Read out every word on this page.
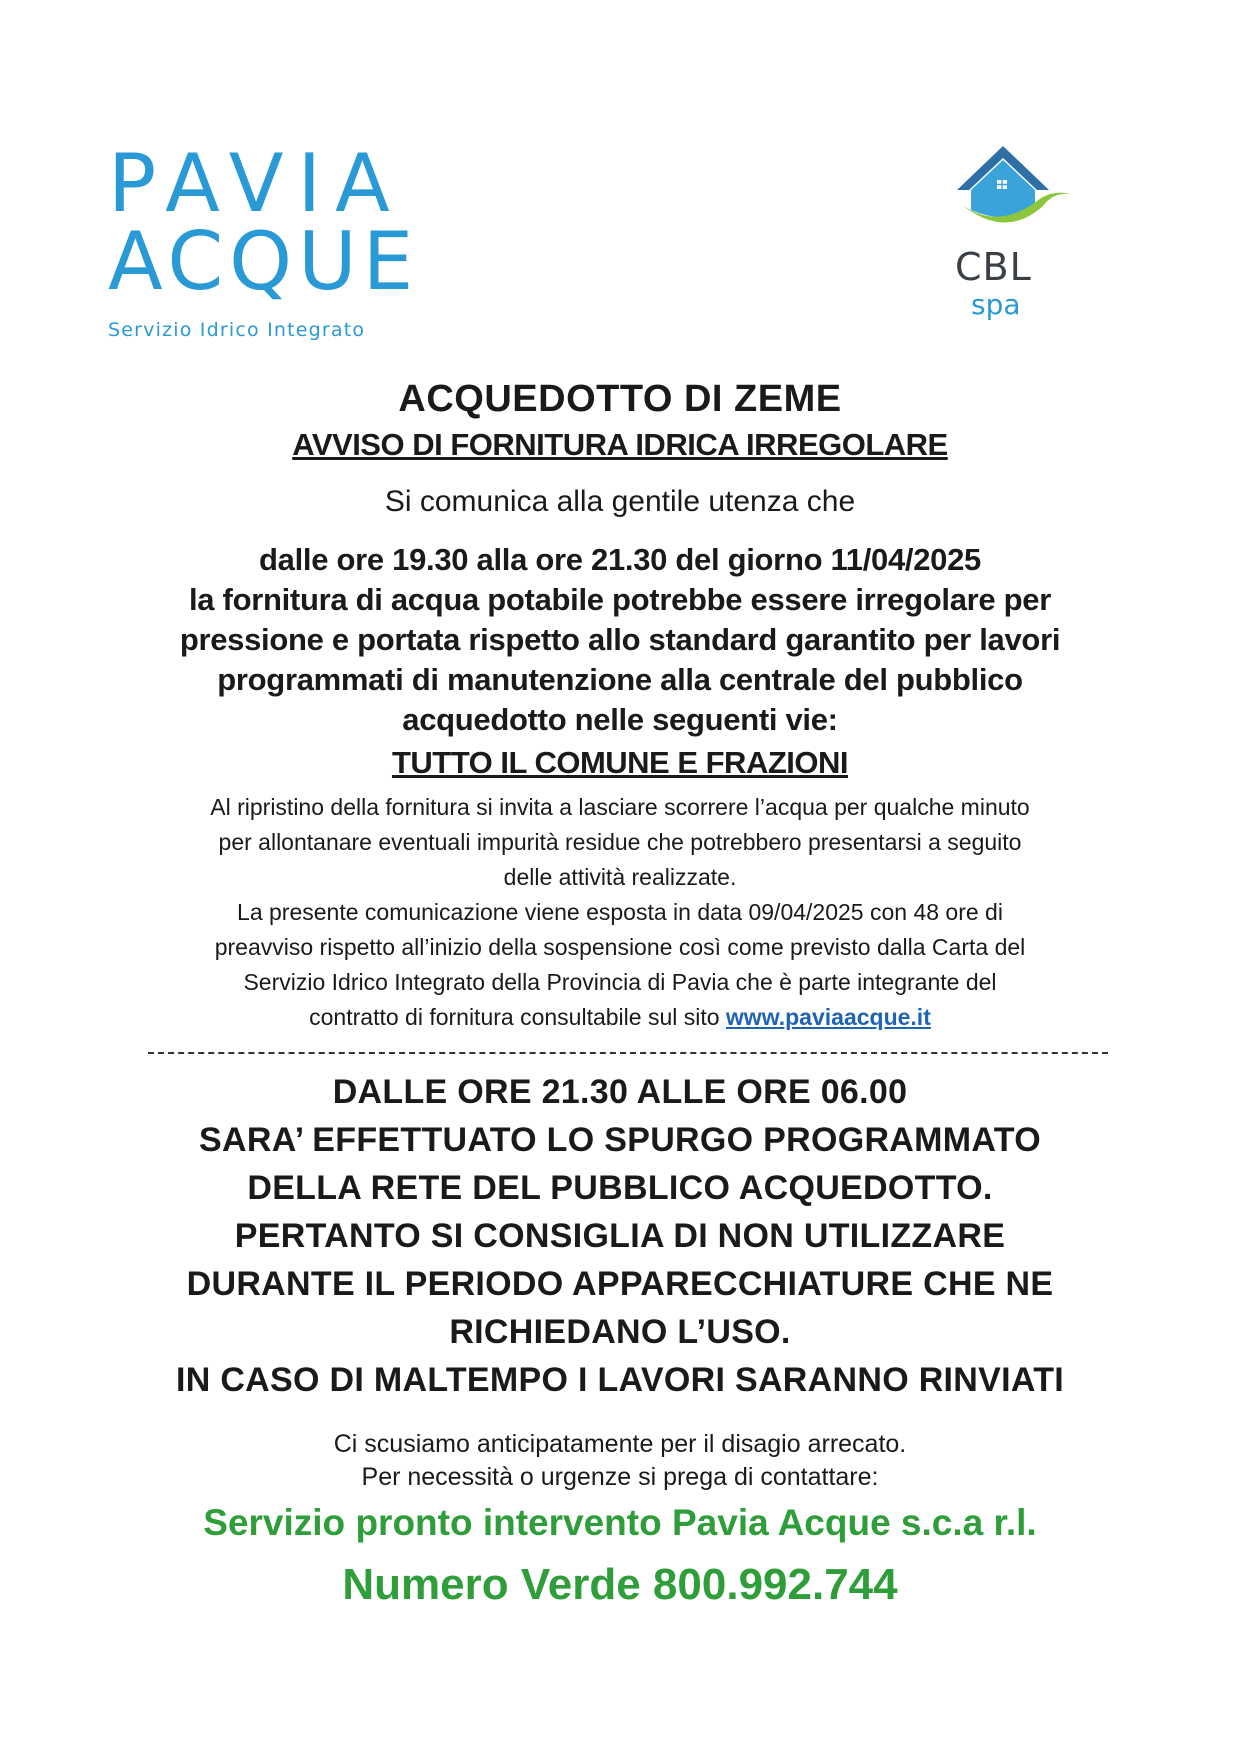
PAVIA
ACQUE
Servizio Idrico Integrato
CBL
spa
ACQUEDOTTO DI ZEME
AVVISO DI FORNITURA IDRICA IRREGOLARE
Si comunica alla gentile utenza che
dalle ore 19.30 alla ore 21.30 del giorno 11/04/2025
la fornitura di acqua potabile potrebbe essere irregolare per
pressione e portata rispetto allo standard garantito per lavori
programmati di manutenzione alla centrale del pubblico
acquedotto nelle seguenti vie:
TUTTO IL COMUNE E FRAZIONI
Al ripristino della fornitura si invita a lasciare scorrere l’acqua per qualche minuto
per allontanare eventuali impurità residue che potrebbero presentarsi a seguito
delle attività realizzate.
La presente comunicazione viene esposta in data 09/04/2025 con 48 ore di
preavviso rispetto all’inizio della sospensione così come previsto dalla Carta del
Servizio Idrico Integrato della Provincia di Pavia che è parte integrante del
contratto di fornitura consultabile sul sito www.paviaacque.it
DALLE ORE 21.30 ALLE ORE 06.00
SARA’ EFFETTUATO LO SPURGO PROGRAMMATO
DELLA RETE DEL PUBBLICO ACQUEDOTTO.
PERTANTO SI CONSIGLIA DI NON UTILIZZARE
DURANTE IL PERIODO APPARECCHIATURE CHE NE
RICHIEDANO L’USO.
IN CASO DI MALTEMPO I LAVORI SARANNO RINVIATI
Ci scusiamo anticipatamente per il disagio arrecato.
Per necessità o urgenze si prega di contattare:
Servizio pronto intervento Pavia Acque s.c.a r.l.
Numero Verde 800.992.744
